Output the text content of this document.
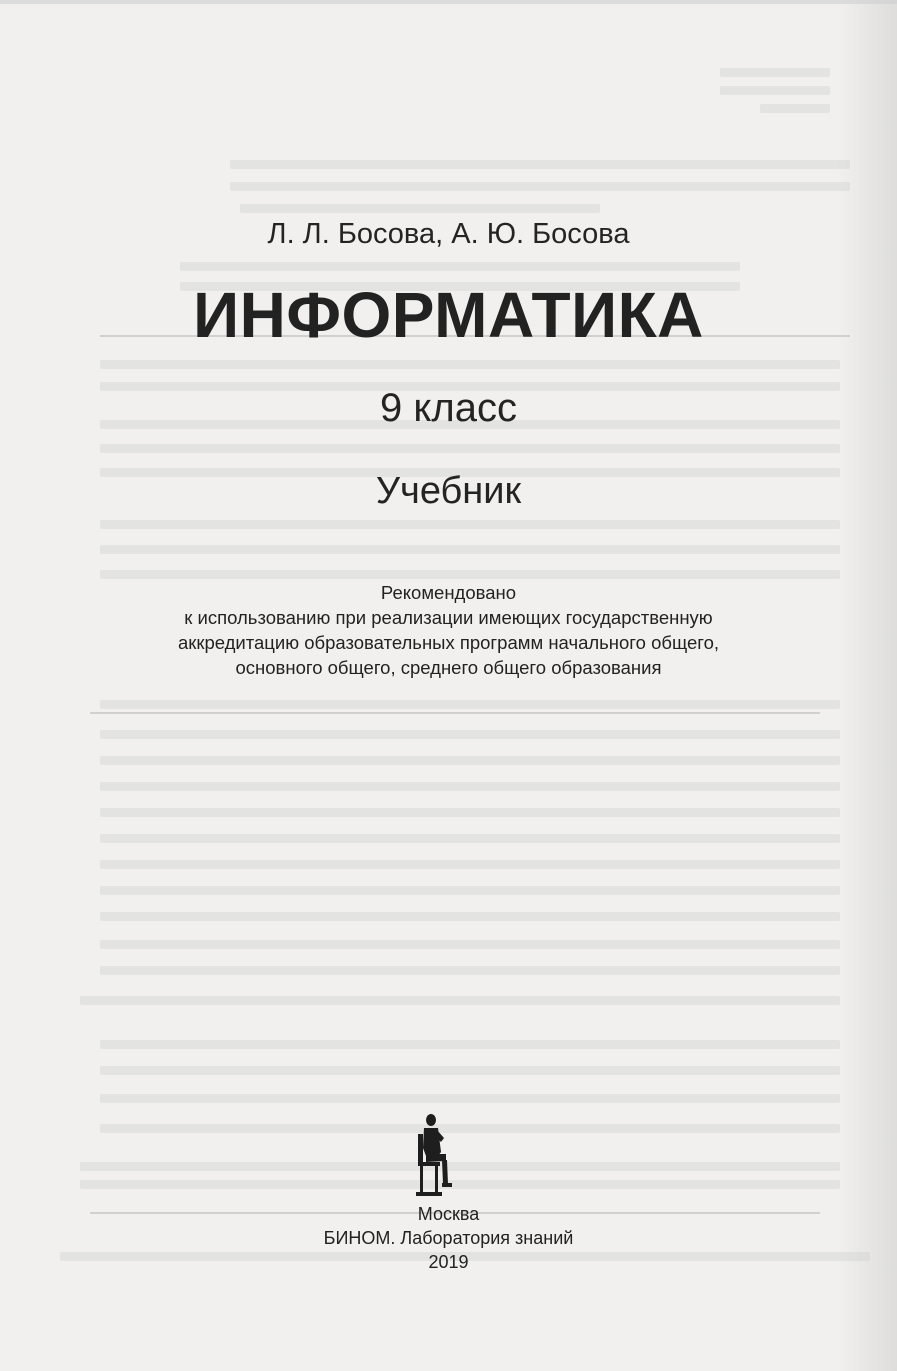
Л. Л. Босова, А. Ю. Босова
ИНФОРМАТИКА
9 класс
Учебник
Рекомендовано
к использованию при реализации имеющих государственную
аккредитацию образовательных программ начального общего,
основного общего, среднего общего образования
Москва
БИНОМ. Лаборатория знаний
2019
